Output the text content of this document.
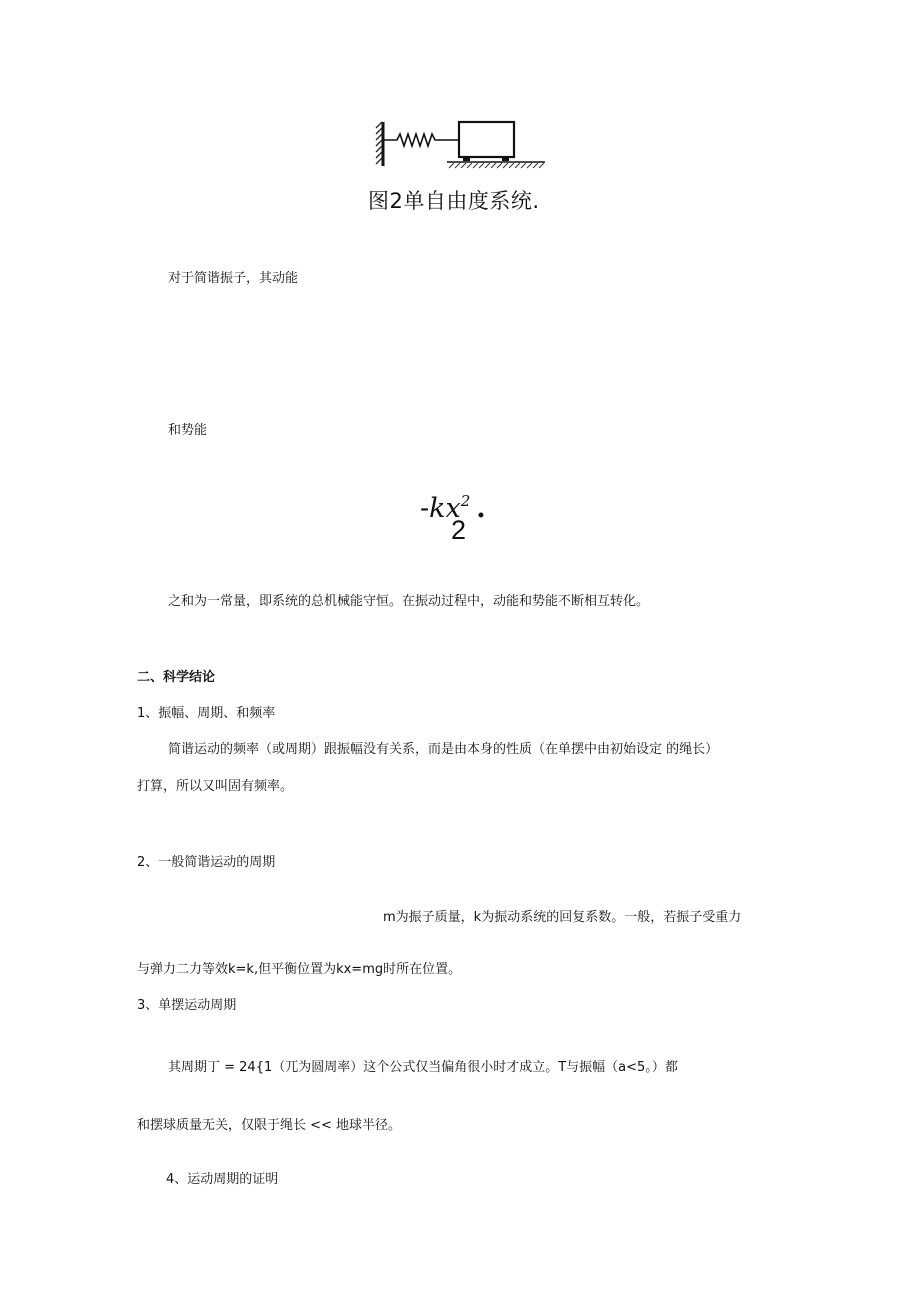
图2单自由度系统.
对于简谐振子，其动能
和势能
$-kx^2$ .
2
之和为一常量，即系统的总机械能守恒。在振动过程中，动能和势能不断相互转化。
二、科学结论
1、振幅、周期、和频率
简谐运动的频率（或周期）跟振幅没有关系，而是由本身的性质（在单摆中由初始设定 的绳长）
打算，所以又叫固有频率。
2、一般简谐运动的周期
m为振子质量，k为振动系统的回复系数。一般，若振子受重力
与弹力二力等效k=k,但平衡位置为kx=mg时所在位置。
3、单摆运动周期
其周期丁 = 24{1（兀为圆周率）这个公式仅当偏角很小时才成立。T与振幅（a<5。）都
和摆球质量无关，仅限于绳长 << 地球半径。
4、运动周期的证明
